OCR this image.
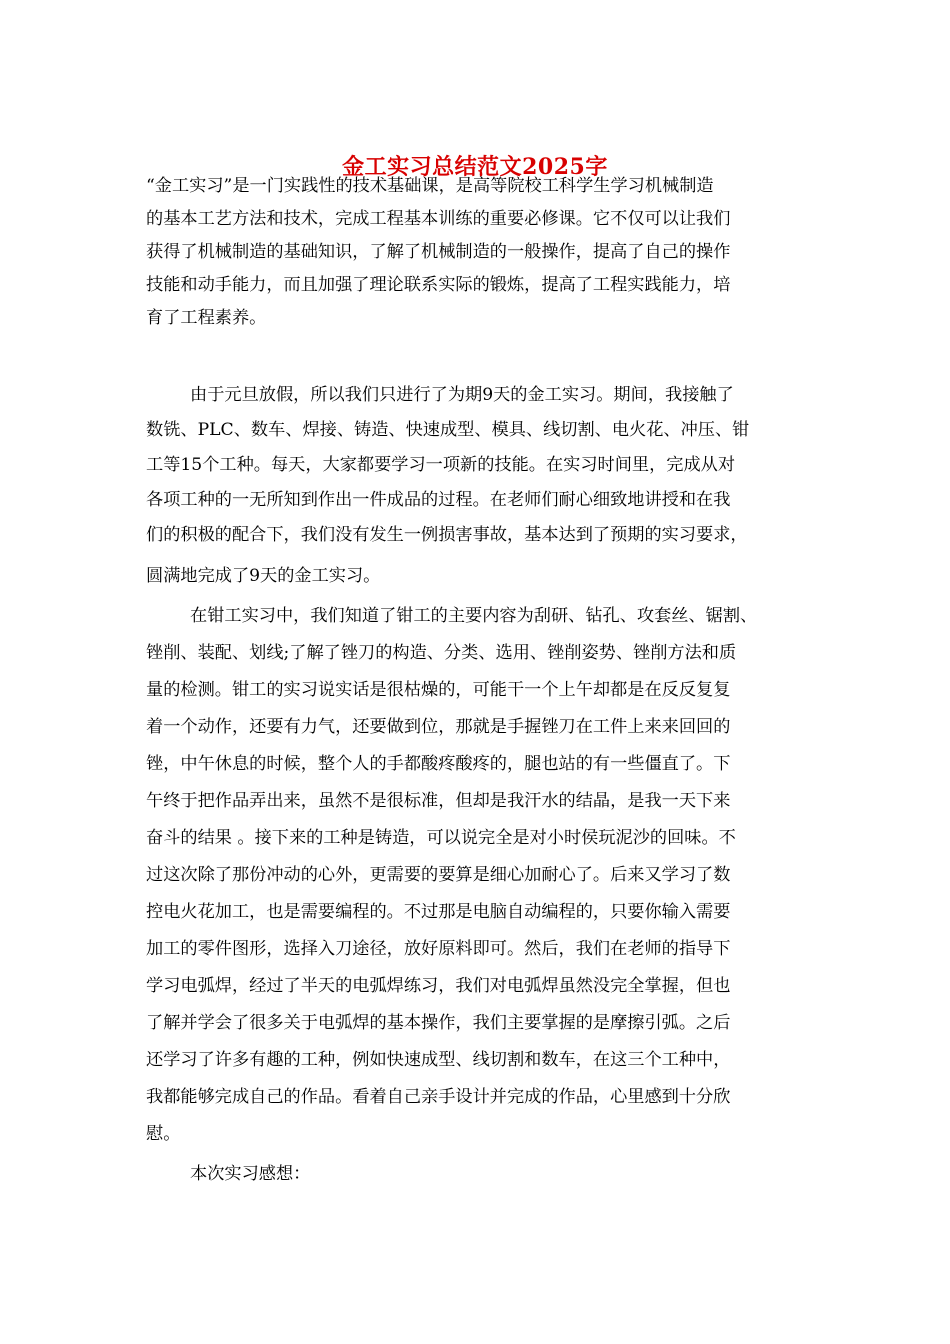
金工实习总结范文2025字
“金工实习”是一门实践性的技术基础课，是高等院校工科学生学习机械制造
的基本工艺方法和技术，完成工程基本训练的重要必修课。它不仅可以让我们
获得了机械制造的基础知识，了解了机械制造的一般操作，提高了自己的操作
技能和动手能力，而且加强了理论联系实际的锻炼，提高了工程实践能力，培
育了工程素养。
由于元旦放假，所以我们只进行了为期9天的金工实习。期间，我接触了
数铣、PLC、数车、焊接、铸造、快速成型、模具、线切割、电火花、冲压、钳
工等15个工种。每天，大家都要学习一项新的技能。在实习时间里，完成从对
各项工种的一无所知到作出一件成品的过程。在老师们耐心细致地讲授和在我
们的积极的配合下，我们没有发生一例损害事故，基本达到了预期的实习要求，
圆满地完成了9天的金工实习。
在钳工实习中，我们知道了钳工的主要内容为刮研、钻孔、攻套丝、锯割、
锉削、装配、划线;了解了锉刀的构造、分类、选用、锉削姿势、锉削方法和质
量的检测。钳工的实习说实话是很枯燥的，可能干一个上午却都是在反反复复
着一个动作，还要有力气，还要做到位，那就是手握锉刀在工件上来来回回的
锉，中午休息的时候，整个人的手都酸疼酸疼的，腿也站的有一些僵直了。下
午终于把作品弄出来，虽然不是很标准，但却是我汗水的结晶，是我一天下来
奋斗的结果 。接下来的工种是铸造，可以说完全是对小时侯玩泥沙的回味。不
过这次除了那份冲动的心外，更需要的要算是细心加耐心了。后来又学习了数
控电火花加工，也是需要编程的。不过那是电脑自动编程的，只要你输入需要
加工的零件图形，选择入刀途径，放好原料即可。然后，我们在老师的指导下
学习电弧焊，经过了半天的电弧焊练习，我们对电弧焊虽然没完全掌握，但也
了解并学会了很多关于电弧焊的基本操作，我们主要掌握的是摩擦引弧。之后
还学习了许多有趣的工种，例如快速成型、线切割和数车，在这三个工种中，
我都能够完成自己的作品。看着自己亲手设计并完成的作品，心里感到十分欣
慰。
本次实习感想：
